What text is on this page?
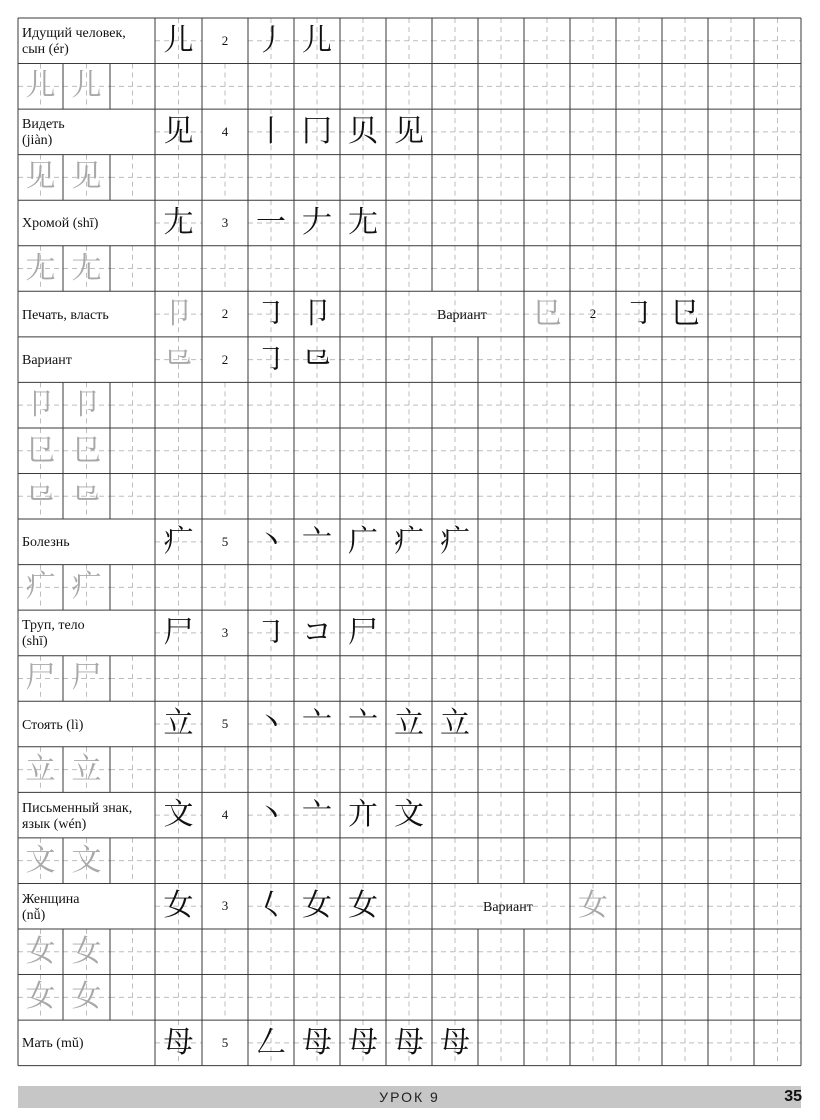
Идущий человек,
сын (ér)	儿	2 丿 儿
儿 儿
Видеть
(jiàn)	见	4 丨 冂 贝 见
见 见
Хромой (shī)	尢	3 一 𠂇 尢
尢 尢
Печать, власть	卩	2 ㇆ 卩	Вариант	㔾	2 ㇆ 㔾
Вариант	⺋	2 ㇆ ⺋
卩 卩
㔾 㔾
⺋ ⺋
Болезнь	疒	5 丶 亠 广 疒 疒
疒 疒
Труп, тело
(shī)	尸	3 ㇆ コ 尸
尸 尸
Стоять (lì)	立	5 丶 亠 亠 立 立
立 立
Письменный знак,
язык (wén)	文	4 丶 亠 亣 文
文 文
Женщина
(nǚ)	女	3 𡿨 女 女	Вариант	女
女 女
女 女
Мать (mǔ)	母	5 𠃋 母 母 母 母
УРОК 9	35
